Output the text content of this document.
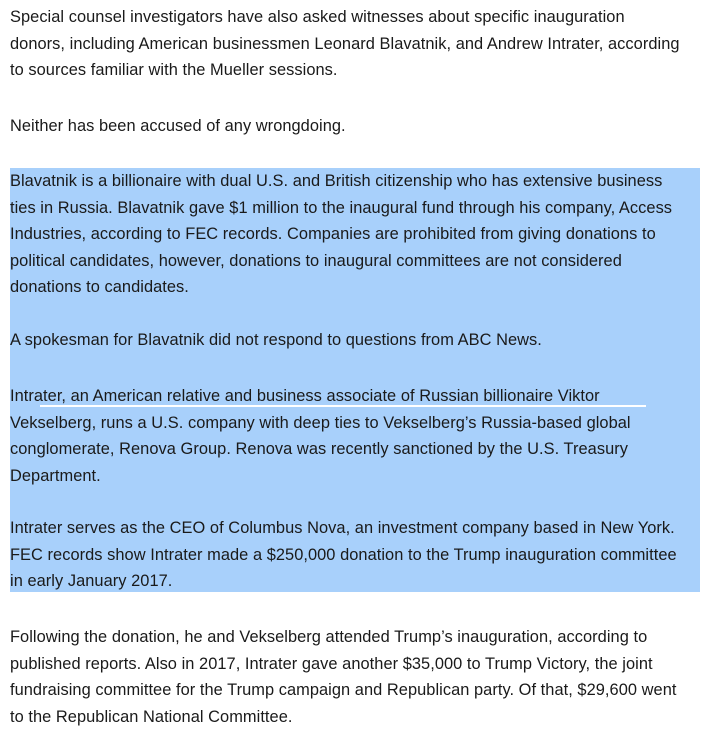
Special counsel investigators have also asked witnesses about specific inauguration
donors, including American businessmen Leonard Blavatnik, and Andrew Intrater, according
to sources familiar with the Mueller sessions.

Neither has been accused of any wrongdoing.

Blavatnik is a billionaire with dual U.S. and British citizenship who has extensive business
ties in Russia. Blavatnik gave $1 million to the inaugural fund through his company, Access
Industries, according to FEC records. Companies are prohibited from giving donations to
political candidates, however, donations to inaugural committees are not considered
donations to candidates.

A spokesman for Blavatnik did not respond to questions from ABC News.

Intrater, an American relative and business associate of Russian billionaire Viktor
Vekselberg, runs a U.S. company with deep ties to Vekselberg’s Russia-based global
conglomerate, Renova Group. Renova was recently sanctioned by the U.S. Treasury
Department.

Intrater serves as the CEO of Columbus Nova, an investment company based in New York.
FEC records show Intrater made a $250,000 donation to the Trump inauguration committee
in early January 2017.

Following the donation, he and Vekselberg attended Trump’s inauguration, according to
published reports. Also in 2017, Intrater gave another $35,000 to Trump Victory, the joint
fundraising committee for the Trump campaign and Republican party. Of that, $29,600 went
to the Republican National Committee.
